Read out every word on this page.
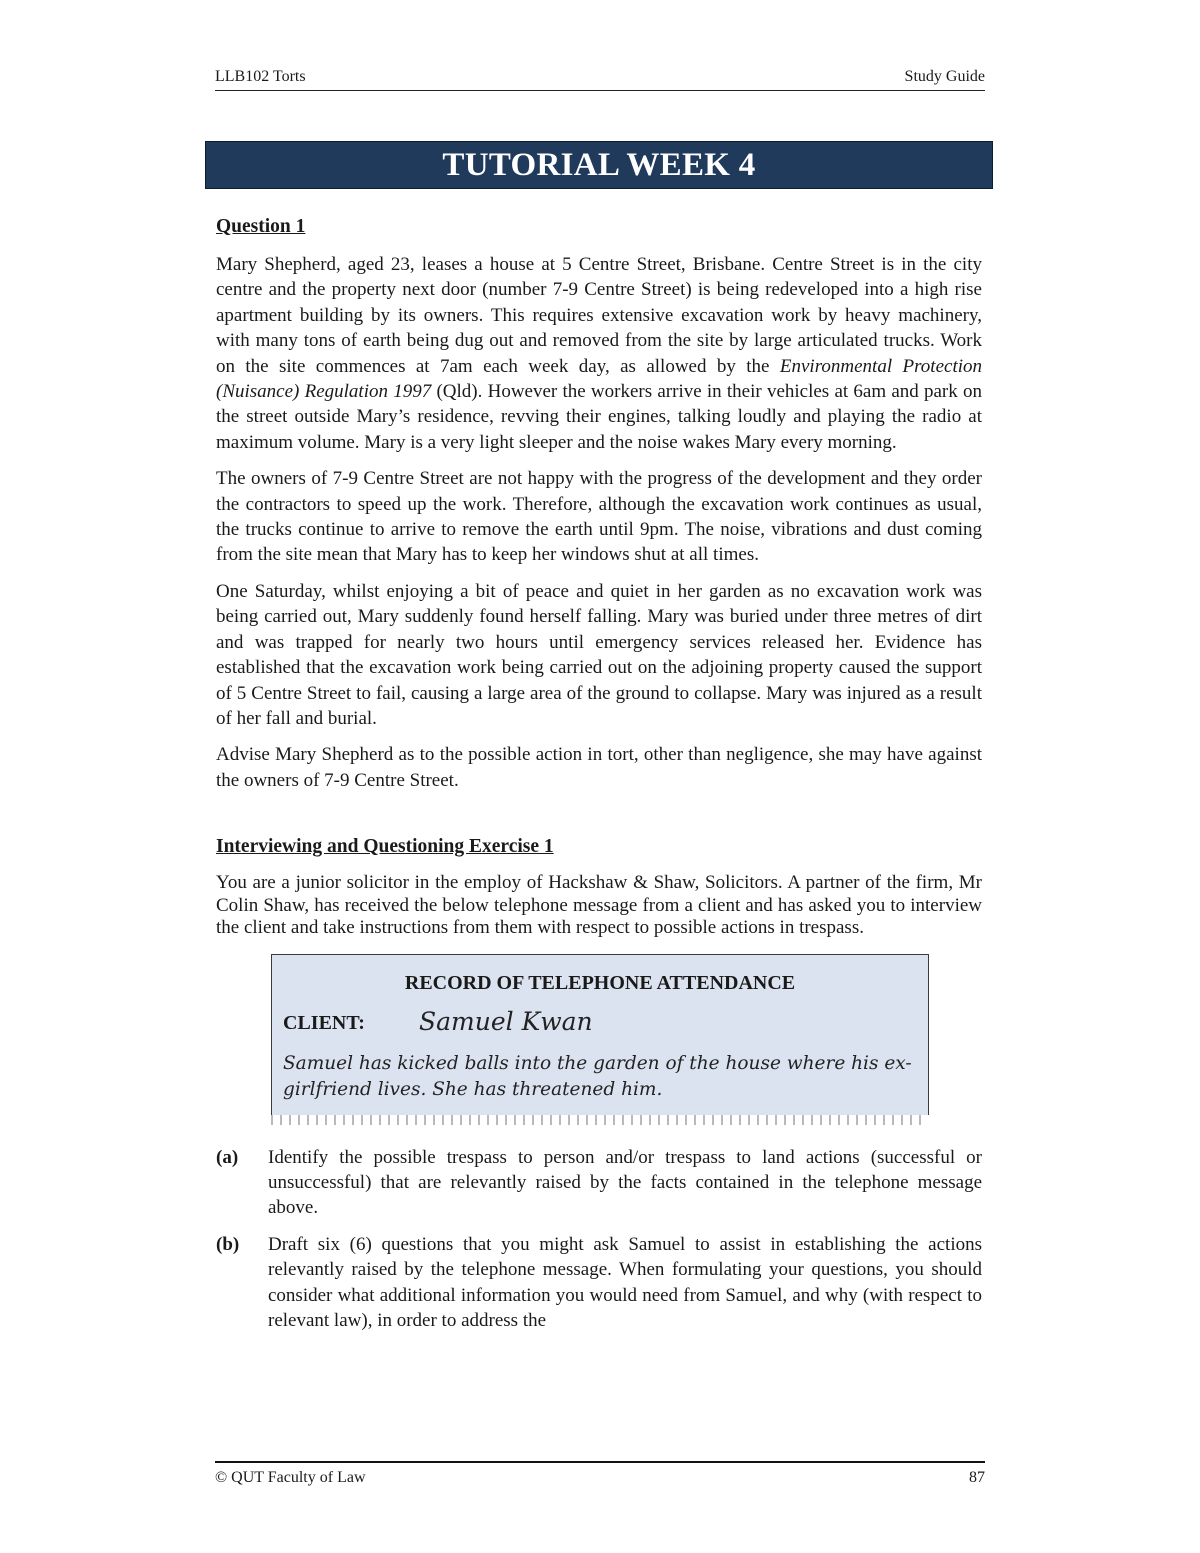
LLB102 Torts	Study Guide
TUTORIAL WEEK 4
Question 1

Mary Shepherd, aged 23, leases a house at 5 Centre Street, Brisbane. Centre Street is in the city centre and the property next door (number 7-9 Centre Street) is being redeveloped into a high rise apartment building by its owners. This requires extensive excavation work by heavy machinery, with many tons of earth being dug out and removed from the site by large articulated trucks. Work on the site commences at 7am each week day, as allowed by the Environmental Protection (Nuisance) Regulation 1997 (Qld). However the workers arrive in their vehicles at 6am and park on the street outside Mary’s residence, revving their engines, talking loudly and playing the radio at maximum volume. Mary is a very light sleeper and the noise wakes Mary every morning.

The owners of 7-9 Centre Street are not happy with the progress of the development and they order the contractors to speed up the work. Therefore, although the excavation work continues as usual, the trucks continue to arrive to remove the earth until 9pm. The noise, vibrations and dust coming from the site mean that Mary has to keep her windows shut at all times.

One Saturday, whilst enjoying a bit of peace and quiet in her garden as no excavation work was being carried out, Mary suddenly found herself falling. Mary was buried under three metres of dirt and was trapped for nearly two hours until emergency services released her. Evidence has established that the excavation work being carried out on the adjoining property caused the support of 5 Centre Street to fail, causing a large area of the ground to collapse. Mary was injured as a result of her fall and burial.

Advise Mary Shepherd as to the possible action in tort, other than negligence, she may have against the owners of 7-9 Centre Street.

Interviewing and Questioning Exercise 1

You are a junior solicitor in the employ of Hackshaw & Shaw, Solicitors. A partner of the firm, Mr Colin Shaw, has received the below telephone message from a client and has asked you to interview the client and take instructions from them with respect to possible actions in trespass.

RECORD OF TELEPHONE ATTENDANCE
CLIENT: Samuel Kwan
Samuel has kicked balls into the garden of the house where his ex-girlfriend lives. She has threatened him.
(a) Identify the possible trespass to person and/or trespass to land actions (successful or unsuccessful) that are relevantly raised by the facts contained in the telephone message above.
(b) Draft six (6) questions that you might ask Samuel to assist in establishing the actions relevantly raised by the telephone message. When formulating your questions, you should consider what additional information you would need from Samuel, and why (with respect to relevant law), in order to address the
© QUT Faculty of Law	87
